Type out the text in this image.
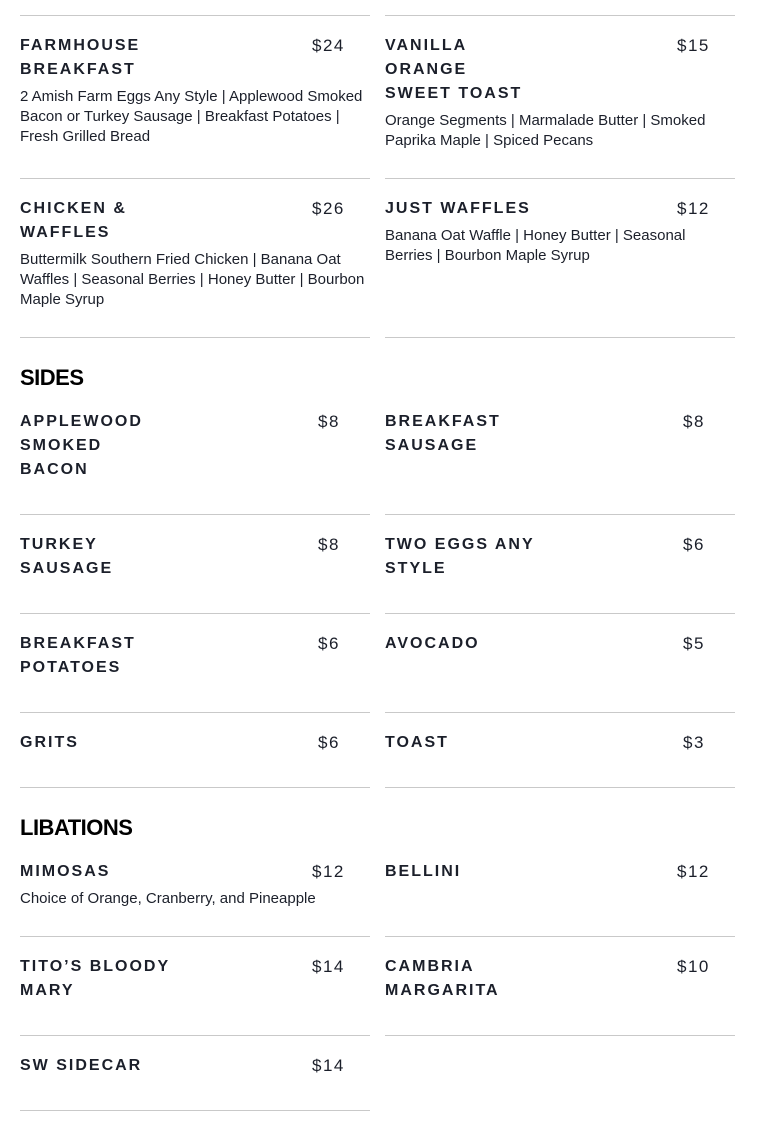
FARMHOUSE
BREAKFAST
$24
2 Amish Farm Eggs Any Style | Applewood Smoked Bacon or Turkey Sausage | Breakfast Potatoes | Fresh Grilled Bread
VANILLA
ORANGE
SWEET TOAST
$15
Orange Segments | Marmalade Butter | Smoked Paprika Maple | Spiced Pecans
CHICKEN &
WAFFLES
$26
Buttermilk Southern Fried Chicken | Banana Oat Waffles | Seasonal Berries | Honey Butter | Bourbon Maple Syrup
JUST WAFFLES	$12
Banana Oat Waffle | Honey Butter | Seasonal Berries | Bourbon Maple Syrup
SIDES
APPLEWOOD
SMOKED
BACON
$8	BREAKFAST
SAUSAGE
$8
TURKEY
SAUSAGE
$8	TWO EGGS ANY
STYLE
$6
BREAKFAST
POTATOES
$6	AVOCADO	$5
GRITS	$6	TOAST	$3
LIBATIONS
MIMOSAS	$12
Choice of Orange, Cranberry, and Pineapple
BELLINI	$12
TITO’S BLOODY
MARY
$14	CAMBRIA
MARGARITA
$10
SW SIDECAR	$14
